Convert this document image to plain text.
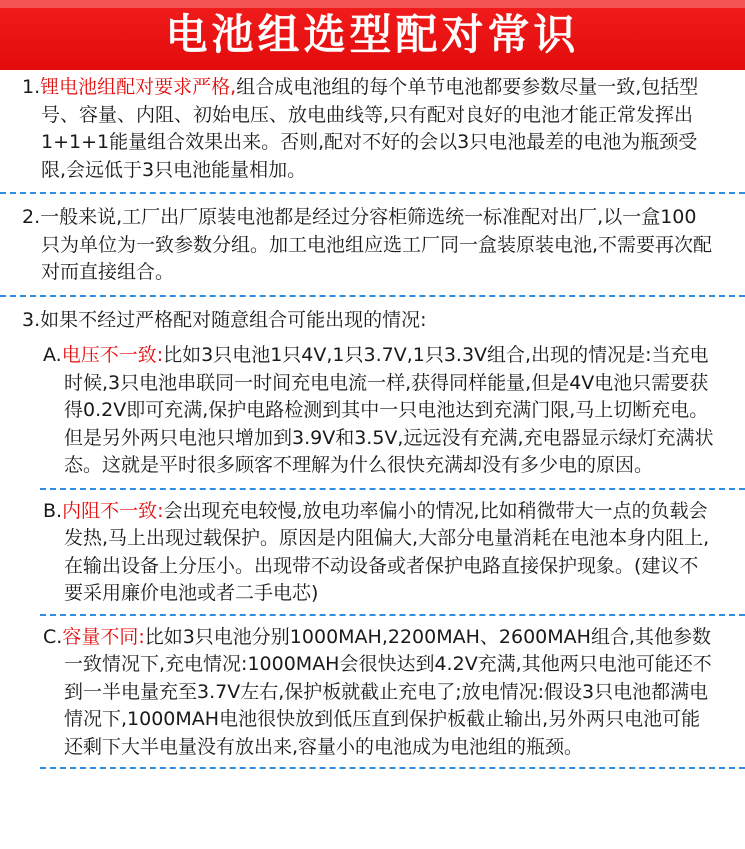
电池组选型配对常识

1.锂电池组配对要求严格,组合成电池组的每个单节电池都要参数尽量一致,包括型号、容量、内阻、初始电压、放电曲线等,只有配对良好的电池才能正常发挥出1+1+1能量组合效果出来。否则,配对不好的会以3只电池最差的电池为瓶颈受限,会远低于3只电池能量相加。

2.一般来说,工厂出厂原装电池都是经过分容柜筛选统一标准配对出厂,以一盒100只为单位为一致参数分组。加工电池组应选工厂同一盒装原装电池,不需要再次配对而直接组合。

3.如果不经过严格配对随意组合可能出现的情况:

A.电压不一致:比如3只电池1只4V,1只3.7V,1只3.3V组合,出现的情况是:当充电时候,3只电池串联同一时间充电电流一样,获得同样能量,但是4V电池只需要获得0.2V即可充满,保护电路检测到其中一只电池达到充满门限,马上切断充电。但是另外两只电池只增加到3.9V和3.5V,远远没有充满,充电器显示绿灯充满状态。这就是平时很多顾客不理解为什么很快充满却没有多少电的原因。

B.内阻不一致:会出现充电较慢,放电功率偏小的情况,比如稍微带大一点的负载会发热,马上出现过载保护。原因是内阻偏大,大部分电量消耗在电池本身内阻上,在输出设备上分压小。出现带不动设备或者保护电路直接保护现象。(建议不要采用廉价电池或者二手电芯)

C.容量不同:比如3只电池分别1000MAH,2200MAH、2600MAH组合,其他参数一致情况下,充电情况:1000MAH会很快达到4.2V充满,其他两只电池可能还不到一半电量充至3.7V左右,保护板就截止充电了;放电情况:假设3只电池都满电情况下,1000MAH电池很快放到低压直到保护板截止输出,另外两只电池可能还剩下大半电量没有放出来,容量小的电池成为电池组的瓶颈。
